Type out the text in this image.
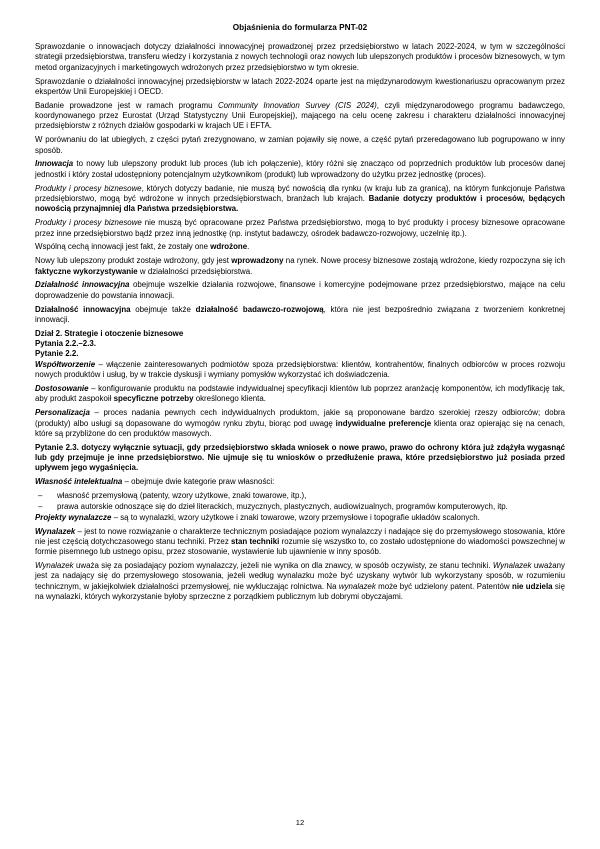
Objaśnienia do formularza PNT-02

Sprawozdanie o innowacjach dotyczy działalności innowacyjnej prowadzonej przez przedsiębiorstwo w latach 2022-2024, w tym w szczególności strategii przedsiębiorstwa, transferu wiedzy i korzystania z nowych technologii oraz nowych lub ulepszonych produktów i procesów biznesowych, w tym metod organizacyjnych i marketingowych wdrożonych przez przedsiębiorstwo w tym okresie.

Sprawozdanie o działalności innowacyjnej przedsiębiorstw w latach 2022-2024 oparte jest na międzynarodowym kwestionariuszu opracowanym przez ekspertów Unii Europejskiej i OECD.

Badanie prowadzone jest w ramach programu Community Innovation Survey (CIS 2024), czyli międzynarodowego programu badawczego, koordynowanego przez Eurostat (Urząd Statystyczny Unii Europejskiej), mającego na celu ocenę zakresu i charakteru działalności innowacyjnej przedsiębiorstw z różnych działów gospodarki w krajach UE i EFTA.

W porównaniu do lat ubiegłych, z części pytań zrezygnowano, w zamian pojawiły się nowe, a część pytań przeredagowano lub pogrupowano w inny sposób.

Innowacja to nowy lub ulepszony produkt lub proces (lub ich połączenie), który różni się znacząco od poprzednich produktów lub procesów danej jednostki i który został udostępniony potencjalnym użytkownikom (produkt) lub wprowadzony do użytku przez jednostkę (proces).

Produkty i procesy biznesowe, których dotyczy badanie, nie muszą być nowością dla rynku (w kraju lub za granicą), na którym funkcjonuje Państwa przedsiębiorstwo, mogą być wdrożone w innych przedsiębiorstwach, branżach lub krajach. Badanie dotyczy produktów i procesów, będących nowością przynajmniej dla Państwa przedsiębiorstwa.

Produkty i procesy biznesowe nie muszą być opracowane przez Państwa przedsiębiorstwo, mogą to być produkty i procesy biznesowe opracowane przez inne przedsiębiorstwo bądź przez inną jednostkę (np. instytut badawczy, ośrodek badawczo-rozwojowy, uczelnię itp.).

Wspólną cechą innowacji jest fakt, że zostały one wdrożone.

Nowy lub ulepszony produkt zostaje wdrożony, gdy jest wprowadzony na rynek. Nowe procesy biznesowe zostają wdrożone, kiedy rozpoczyna się ich faktyczne wykorzystywanie w działalności przedsiębiorstwa.

Działalność innowacyjna obejmuje wszelkie działania rozwojowe, finansowe i komercyjne podejmowane przez przedsiębiorstwo, mające na celu doprowadzenie do powstania innowacji.

Działalność innowacyjna obejmuje także działalność badawczo-rozwojową, która nie jest bezpośrednio związana z tworzeniem konkretnej innowacji.

Dział 2. Strategie i otoczenie biznesowe

Pytania 2.2.–2.3.

Pytanie 2.2.

Współtworzenie – włączenie zainteresowanych podmiotów spoza przedsiębiorstwa: klientów, kontrahentów, finalnych odbiorców w proces rozwoju nowych produktów i usług, by w trakcie dyskusji i wymiany pomysłów wykorzystać ich doświadczenia.

Dostosowanie – konfigurowanie produktu na podstawie indywidualnej specyfikacji klientów lub poprzez aranżację komponentów, ich modyfikację tak, aby produkt zaspokoił specyficzne potrzeby określonego klienta.

Personalizacja – proces nadania pewnych cech indywidualnych produktom, jakie są proponowane bardzo szerokiej rzeszy odbiorców; dobra (produkty) albo usługi są dopasowane do wymogów rynku zbytu, biorąc pod uwagę indywidualne preferencje klienta oraz opierając się na cenach, które są przybliżone do cen produktów masowych.

Pytanie 2.3. dotyczy wyłącznie sytuacji, gdy przedsiębiorstwo składa wniosek o nowe prawo, prawo do ochrony która już zdążyła wygasnąć lub gdy przejmuje je inne przedsiębiorstwo. Nie ujmuje się tu wniosków o przedłużenie prawa, które przedsiębiorstwo już posiada przed upływem jego wygaśnięcia.

Własność intelektualna – obejmuje dwie kategorie praw własności:

– własność przemysłową (patenty, wzory użytkowe, znaki towarowe, itp.),
– prawa autorskie odnoszące się do dzieł literackich, muzycznych, plastycznych, audiowizualnych, programów komputerowych, itp.

Projekty wynalazcze – są to wynalazki, wzory użytkowe i znaki towarowe, wzory przemysłowe i topografie układów scalonych.

Wynalazek – jest to nowe rozwiązanie o charakterze technicznym posiadające poziom wynalazczy i nadające się do przemysłowego stosowania, które nie jest częścią dotychczasowego stanu techniki. Przez stan techniki rozumie się wszystko to, co zostało udostępnione do wiadomości powszechnej w formie pisemnego lub ustnego opisu, przez stosowanie, wystawienie lub ujawnienie w inny sposób.

Wynalazek uważa się za posiadający poziom wynalazczy, jeżeli nie wynika on dla znawcy, w sposób oczywisty, ze stanu techniki. Wynalazek uważany jest za nadający się do przemysłowego stosowania, jeżeli według wynalazku może być uzyskany wytwór lub wykorzystany sposób, w rozumieniu technicznym, w jakiejkolwiek działalności przemysłowej, nie wykluczając rolnictwa. Na wynalazek może być udzielony patent. Patentów nie udziela się na wynalazki, których wykorzystanie byłoby sprzeczne z porządkiem publicznym lub dobrymi obyczajami.

12
